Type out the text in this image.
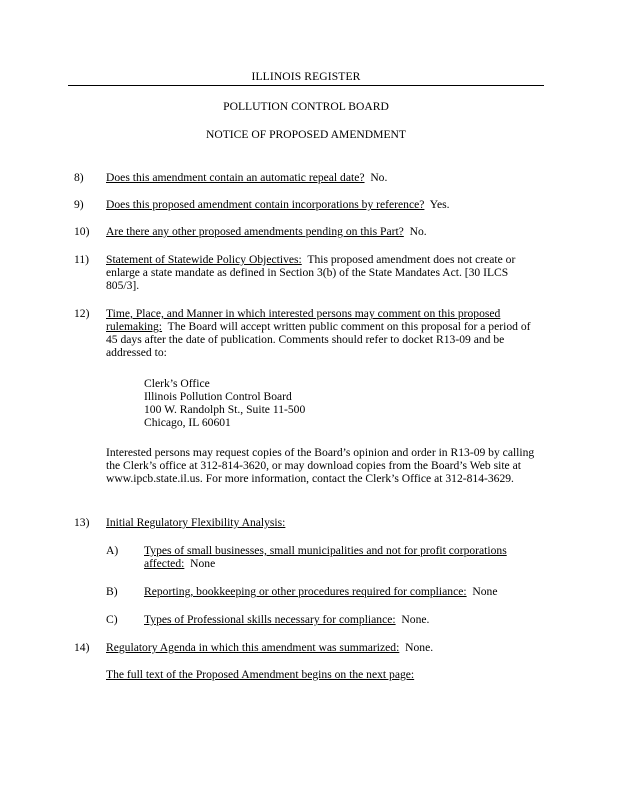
ILLINOIS REGISTER
POLLUTION CONTROL BOARD
NOTICE OF PROPOSED AMENDMENT
8)	Does this amendment contain an automatic repeal date? No.
9)	Does this proposed amendment contain incorporations by reference? Yes.
10)	Are there any other proposed amendments pending on this Part? No.
11)	Statement of Statewide Policy Objectives: This proposed amendment does not create or enlarge a state mandate as defined in Section 3(b) of the State Mandates Act. [30 ILCS 805/3].
12)	Time, Place, and Manner in which interested persons may comment on this proposed rulemaking: The Board will accept written public comment on this proposal for a period of 45 days after the date of publication. Comments should refer to docket R13-09 and be addressed to:
Clerk’s Office
Illinois Pollution Control Board
100 W. Randolph St., Suite 11-500
Chicago, IL 60601
Interested persons may request copies of the Board’s opinion and order in R13-09 by calling the Clerk’s office at 312-814-3620, or may download copies from the Board’s Web site at www.ipcb.state.il.us. For more information, contact the Clerk’s Office at 312-814-3629.
13)	Initial Regulatory Flexibility Analysis:
A)	Types of small businesses, small municipalities and not for profit corporations affected: None
B)	Reporting, bookkeeping or other procedures required for compliance: None
C)	Types of Professional skills necessary for compliance: None.
14)	Regulatory Agenda in which this amendment was summarized: None.
The full text of the Proposed Amendment begins on the next page:
